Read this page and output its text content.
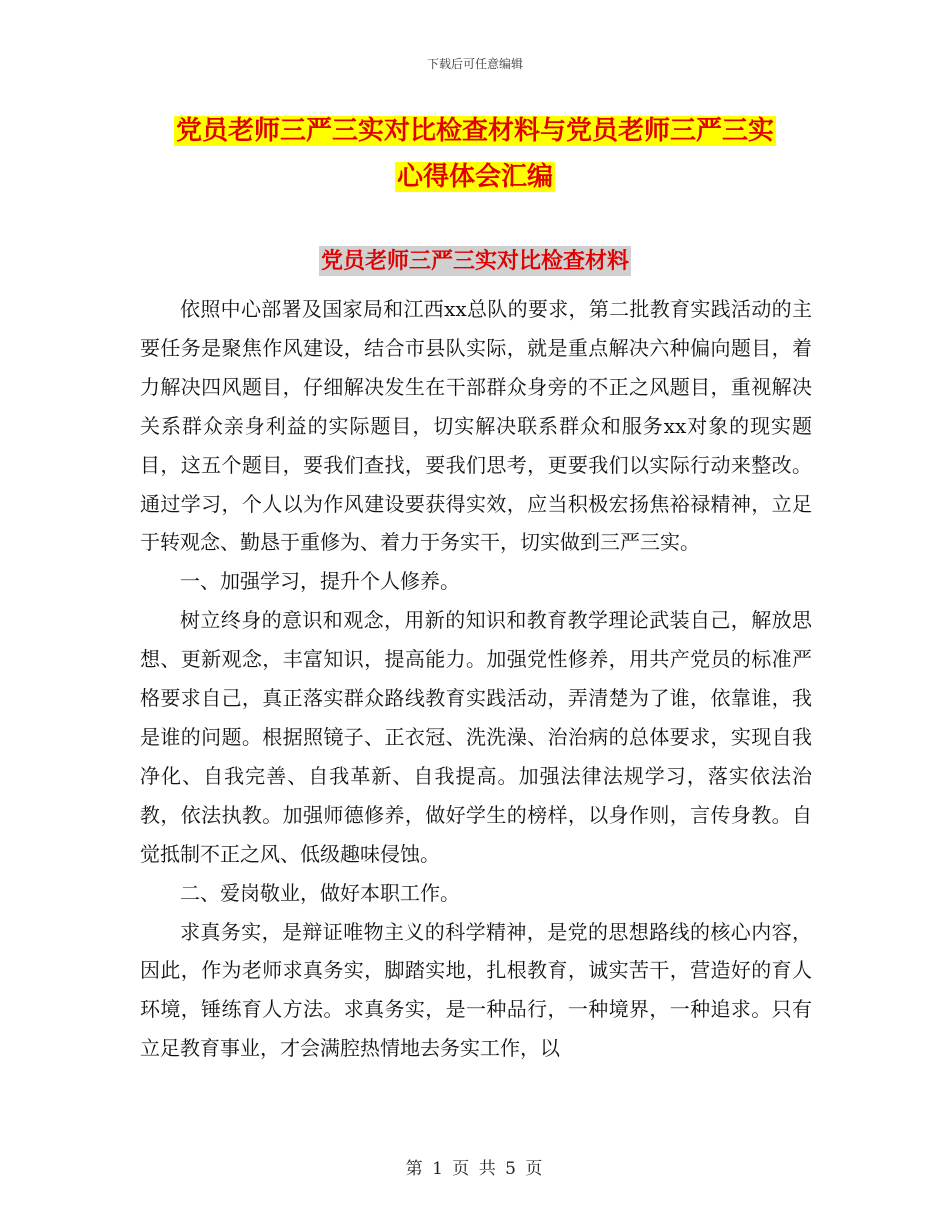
下载后可任意编辑
党员老师三严三实对比检查材料与党员老师三严三实
心得体会汇编
党员老师三严三实对比检查材料

依照中心部署及国家局和江西xx总队的要求，第二批教育实践活动的主要任务是聚焦作风建设，结合市县队实际，就是重点解决六种偏向题目，着力解决四风题目，仔细解决发生在干部群众身旁的不正之风题目，重视解决关系群众亲身利益的实际题目，切实解决联系群众和服务xx对象的现实题目，这五个题目，要我们查找，要我们思考，更要我们以实际行动来整改。通过学习，个人以为作风建设要获得实效，应当积极宏扬焦裕禄精神，立足于转观念、勤恳于重修为、着力于务实干，切实做到三严三实。

一、加强学习，提升个人修养。

树立终身的意识和观念，用新的知识和教育教学理论武装自己，解放思想、更新观念，丰富知识，提高能力。加强党性修养，用共产党员的标准严格要求自己，真正落实群众路线教育实践活动，弄清楚为了谁，依靠谁，我是谁的问题。根据照镜子、正衣冠、洗洗澡、治治病的总体要求，实现自我净化、自我完善、自我革新、自我提高。加强法律法规学习，落实依法治教，依法执教。加强师德修养，做好学生的榜样，以身作则，言传身教。自觉抵制不正之风、低级趣味侵蚀。

二、爱岗敬业，做好本职工作。

求真务实，是辩证唯物主义的科学精神，是党的思想路线的核心内容，因此，作为老师求真务实，脚踏实地，扎根教育，诚实苦干，营造好的育人环境，锤练育人方法。求真务实，是一种品行，一种境界，一种追求。只有立足教育事业，才会满腔热情地去务实工作，以

第 1 页 共 5 页
